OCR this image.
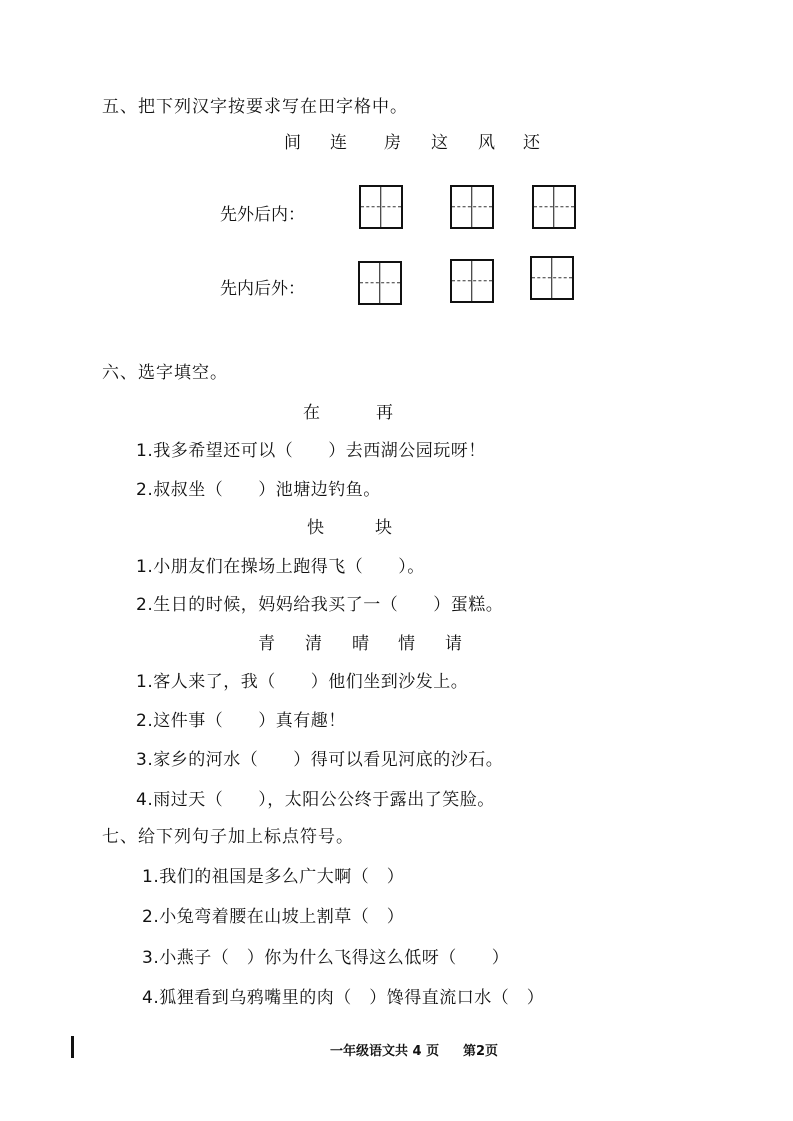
五、把下列汉字按要求写在田字格中。
间 连 房 这 风 还
先外后内：
先内后外：
六、选字填空。
在	再
1.我多希望还可以（　　）去西湖公园玩呀！
2.叔叔坐（　　）池塘边钓鱼。
快	块
1.小朋友们在操场上跑得飞（　　）。
2.生日的时候，妈妈给我买了一（　　）蛋糕。
青 清 晴 情 请
1.客人来了，我（　　）他们坐到沙发上。
2.这件事（　　）真有趣！
3.家乡的河水（　　）得可以看见河底的沙石。
4.雨过天（　　），太阳公公终于露出了笑脸。
七、给下列句子加上标点符号。
1.我们的祖国是多么广大啊（　）
2.小兔弯着腰在山坡上割草（　）
3.小燕子（　）你为什么飞得这么低呀（　　）
4.狐狸看到乌鸦嘴里的肉（　）馋得直流口水（　）
一年级语文共 4 页 第2页
